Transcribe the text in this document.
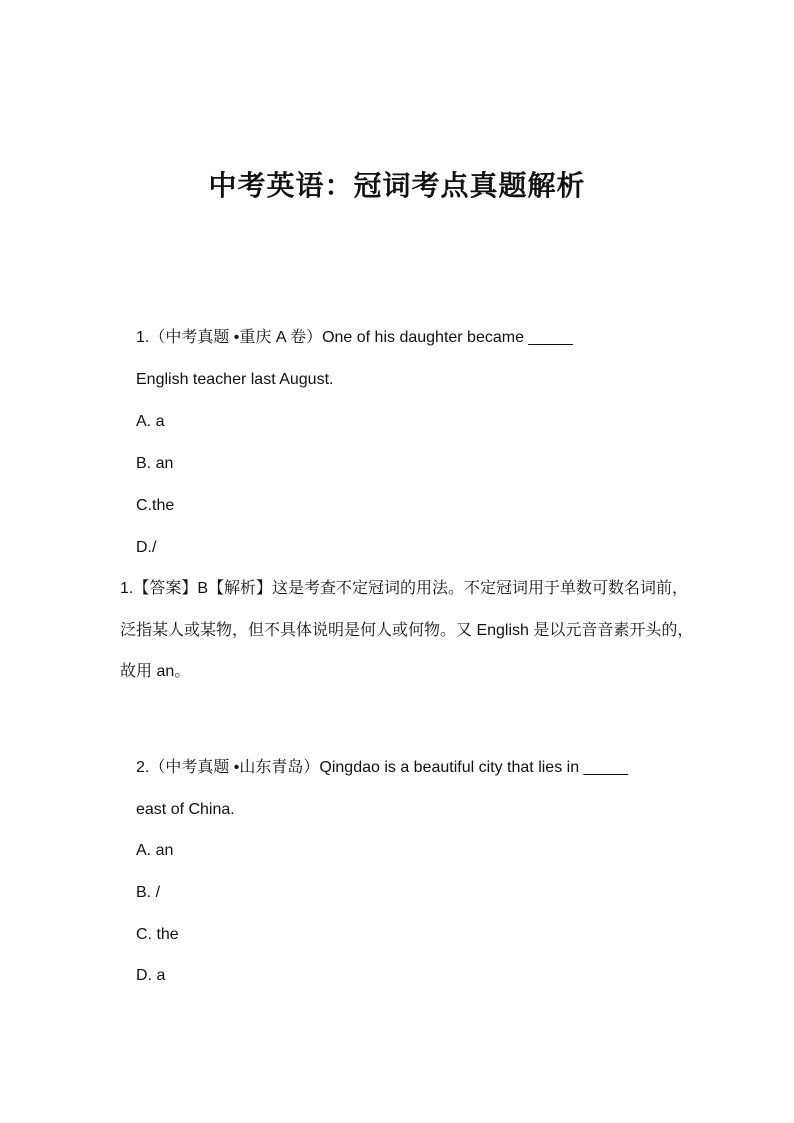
中考英语：冠词考点真题解析
1.（中考真题 •重庆 A 卷）One of his daughter became _____
English teacher last August.
A. a
B. an
C.the
D./
1.【答案】B【解析】这是考查不定冠词的用法。不定冠词用于单数可数名词前，
泛指某人或某物，但不具体说明是何人或何物。又 English 是以元音音素开头的，
故用 an。
2.（中考真题 •山东青岛）Qingdao is a beautiful city that lies in _____
east of China.
A. an
B. /
C. the
D. a
